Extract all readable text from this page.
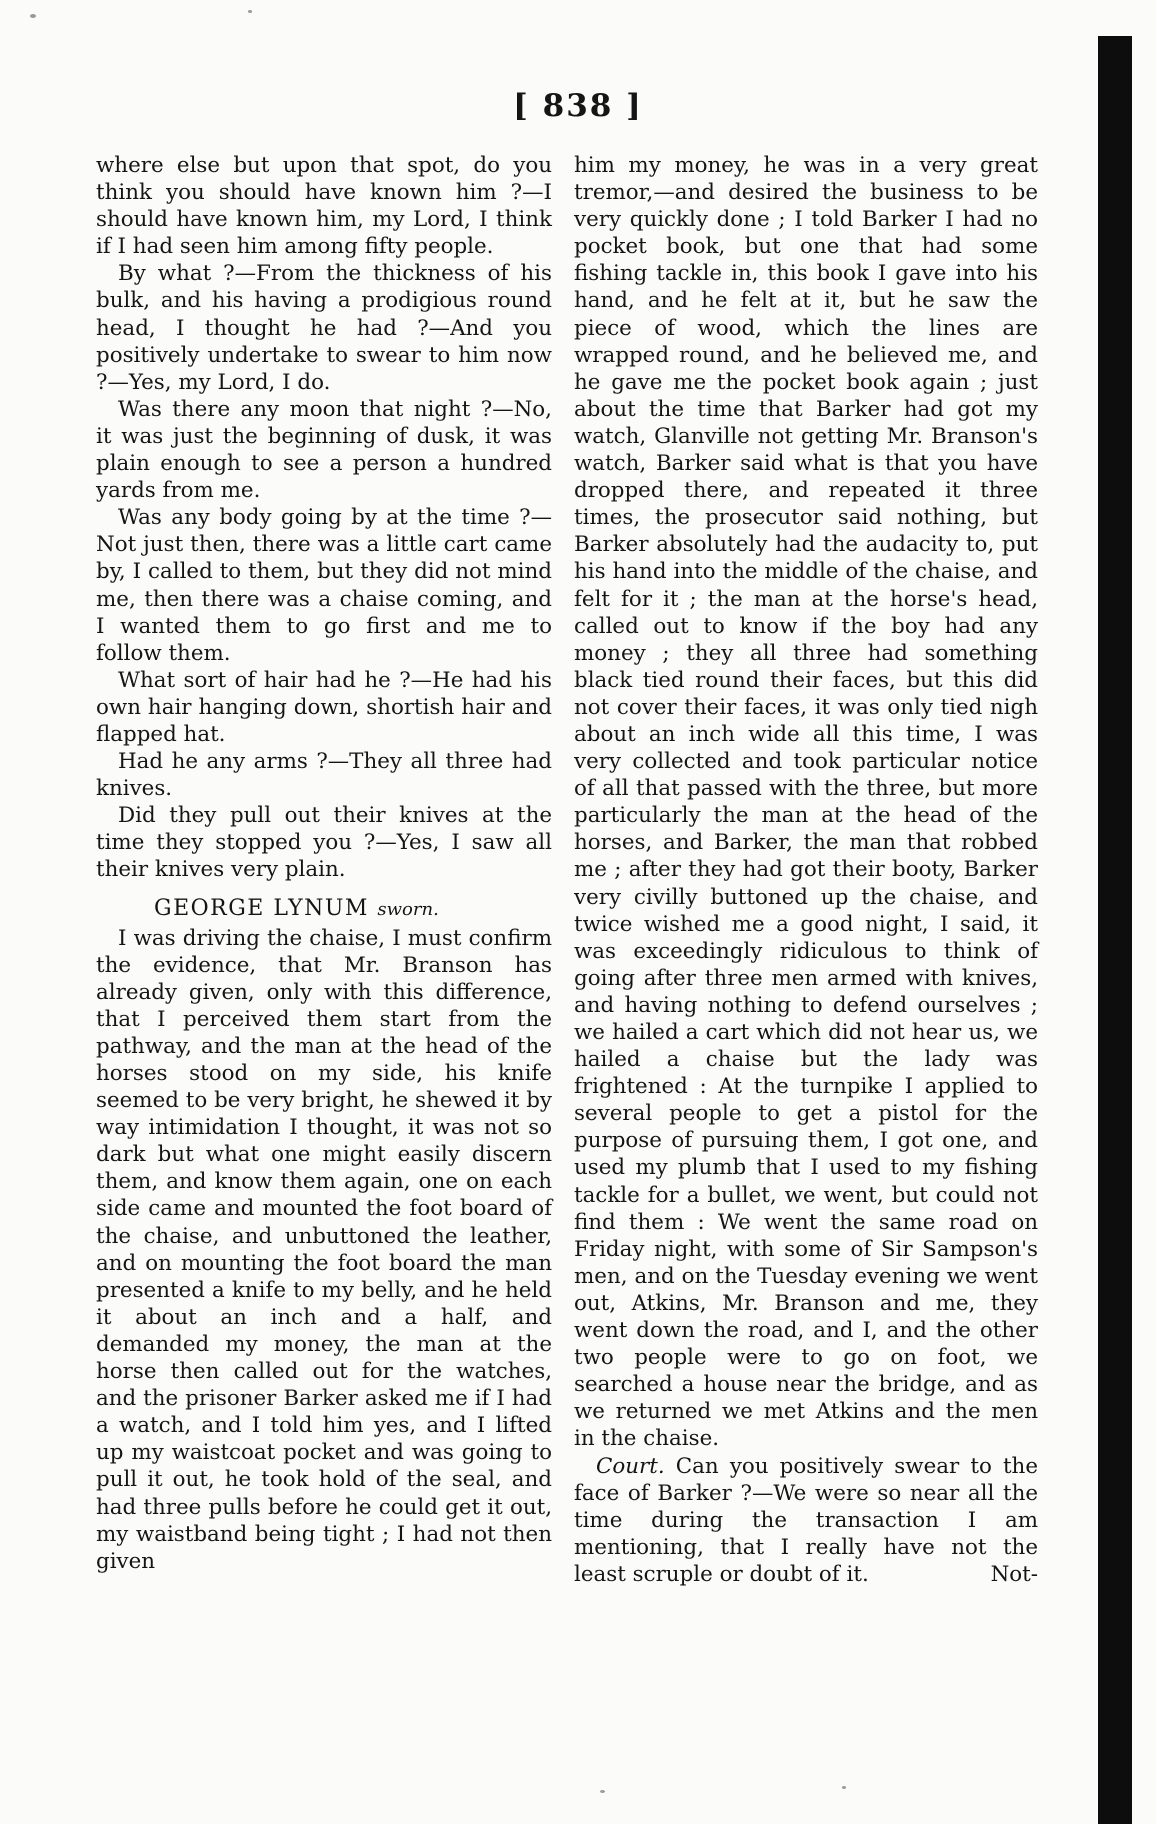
[ 838 ]

where else but upon that spot, do you think you should have known him ?—I should have known him, my Lord, I think if I had seen him among fifty people.

By what ?—From the thickness of his bulk, and his having a prodigious round head, I thought he had ?—And you positively undertake to swear to him now ?—Yes, my Lord, I do.

Was there any moon that night ?—No, it was just the beginning of dusk, it was plain enough to see a person a hundred yards from me.

Was any body going by at the time ?—Not just then, there was a little cart came by, I called to them, but they did not mind me, then there was a chaise coming, and I wanted them to go first and me to follow them.

What sort of hair had he ?—He had his own hair hanging down, shortish hair and flapped hat.

Had he any arms ?—They all three had knives.

Did they pull out their knives at the time they stopped you ?—Yes, I saw all their knives very plain.

GEORGE LYNUM sworn.

I was driving the chaise, I must confirm the evidence, that Mr. Branson has already given, only with this difference, that I perceived them start from the pathway, and the man at the head of the horses stood on my side, his knife seemed to be very bright, he shewed it by way intimidation I thought, it was not so dark but what one might easily discern them, and know them again, one on each side came and mounted the foot board of the chaise, and unbuttoned the leather, and on mounting the foot board the man presented a knife to my belly, and he held it about an inch and a half, and demanded my money, the man at the horse then called out for the watches, and the prisoner Barker asked me if I had a watch, and I told him yes, and I lifted up my waistcoat pocket and was going to pull it out, he took hold of the seal, and had three pulls before he could get it out, my waistband being tight ; I had not then given

him my money, he was in a very great tremor,—and desired the business to be very quickly done ; I told Barker I had no pocket book, but one that had some fishing tackle in, this book I gave into his hand, and he felt at it, but he saw the piece of wood, which the lines are wrapped round, and he believed me, and he gave me the pocket book again ; just about the time that Barker had got my watch, Glanville not getting Mr. Branson's watch, Barker said what is that you have dropped there, and repeated it three times, the prosecutor said nothing, but Barker absolutely had the audacity to, put his hand into the middle of the chaise, and felt for it ; the man at the horse's head, called out to know if the boy had any money ; they all three had something black tied round their faces, but this did not cover their faces, it was only tied nigh about an inch wide all this time, I was very collected and took particular notice of all that passed with the three, but more particularly the man at the head of the horses, and Barker, the man that robbed me ; after they had got their booty, Barker very civilly buttoned up the chaise, and twice wished me a good night, I said, it was exceedingly ridiculous to think of going after three men armed with knives, and having nothing to defend ourselves ; we hailed a cart which did not hear us, we hailed a chaise but the lady was frightened : At the turnpike I applied to several people to get a pistol for the purpose of pursuing them, I got one, and used my plumb that I used to my fishing tackle for a bullet, we went, but could not find them : We went the same road on Friday night, with some of Sir Sampson's men, and on the Tuesday evening we went out, Atkins, Mr. Branson and me, they went down the road, and I, and the other two people were to go on foot, we searched a house near the bridge, and as we returned we met Atkins and the men in the chaise.

Court. Can you positively swear to the face of Barker ?—We were so near all the time during the transaction I am mentioning, that I really have not the least scruple or doubt of it.	Not-
